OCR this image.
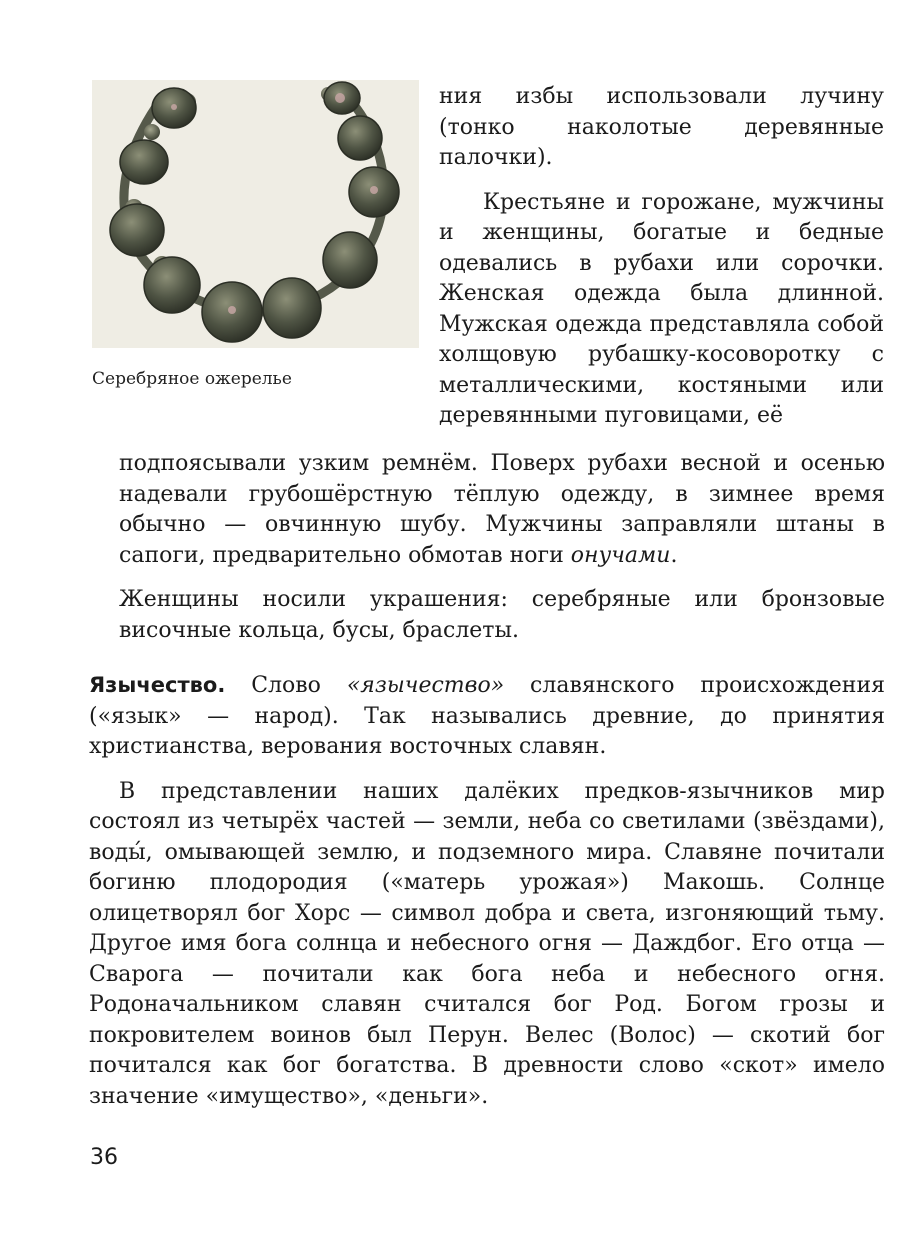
Серебряное ожерелье

ния избы использовали лучину (тонко наколотые деревянные палочки).

Крестьяне и горожане, мужчины и женщины, богатые и бедные одевались в рубахи или сорочки. Женская одежда была длинной. Мужская одежда представляла собой холщовую рубашку-косоворотку с металлическими, костяными или деревянными пуговицами, её

подпоясывали узким ремнём. Поверх рубахи весной и осенью надевали грубошёрстную тёплую одежду, в зимнее время обычно — овчинную шубу. Мужчины заправляли штаны в сапоги, предварительно обмотав ноги онучами.

Женщины носили украшения: серебряные или бронзовые височные кольца, бусы, браслеты.

Язычество. Слово «язычество» славянского происхождения («язык» — народ). Так назывались древние, до принятия христианства, верования восточных славян.

В представлении наших далёких предков-язычников мир состоял из четырёх частей — земли, неба со светилами (звёздами), воды́, омывающей землю, и подземного мира. Славяне почитали богиню плодородия («матерь урожая») Макошь. Солнце олицетворял бог Хорс — символ добра и света, изгоняющий тьму. Другое имя бога солнца и небесного огня — Даждбог. Его отца — Сварога — почитали как бога неба и небесного огня. Родоначальником славян считался бог Род. Богом грозы и покровителем воинов был Перун. Велес (Волос) — скотий бог почитался как бог богатства. В древности слово «скот» имело значение «имущество», «деньги».

36
